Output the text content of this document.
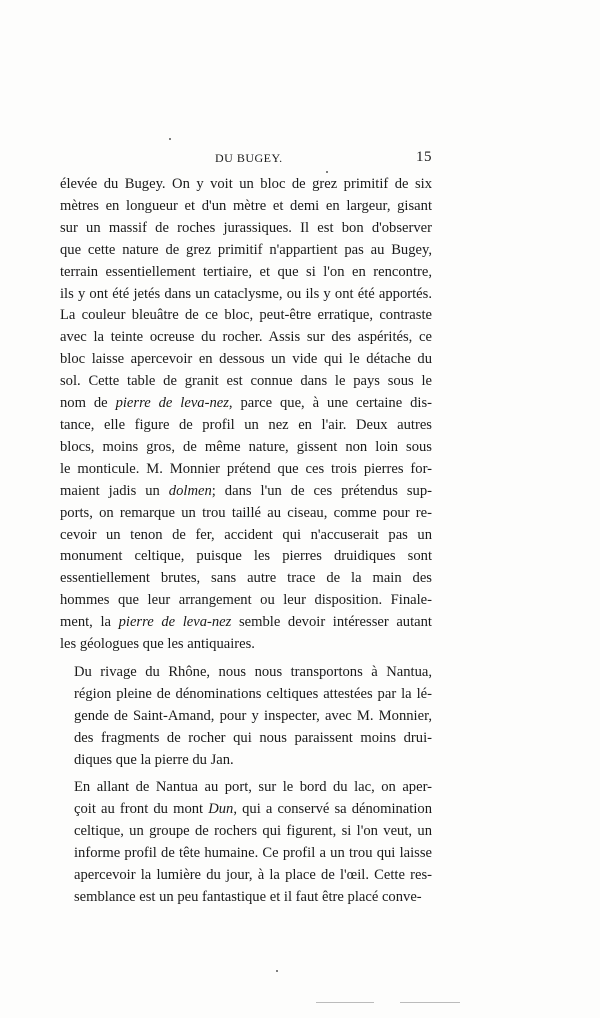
DU BUGEY.	15

élevée du Bugey. On y voit un bloc de grez primitif de six
mètres en longueur et d'un mètre et demi en largeur, gisant
sur un massif de roches jurassiques. Il est bon d'observer
que cette nature de grez primitif n'appartient pas au Bugey,
terrain essentiellement tertiaire, et que si l'on en rencontre,
ils y ont été jetés dans un cataclysme, ou ils y ont été apportés.
La couleur bleuâtre de ce bloc, peut-être erratique, contraste
avec la teinte ocreuse du rocher. Assis sur des aspérités, ce
bloc laisse apercevoir en dessous un vide qui le détache du
sol. Cette table de granit est connue dans le pays sous le
nom de pierre de leva-nez, parce que, à une certaine dis-
tance, elle figure de profil un nez en l'air. Deux autres
blocs, moins gros, de même nature, gissent non loin sous
le monticule. M. Monnier prétend que ces trois pierres for-
maient jadis un dolmen; dans l'un de ces prétendus sup-
ports, on remarque un trou taillé au ciseau, comme pour re-
cevoir un tenon de fer, accident qui n'accuserait pas un
monument celtique, puisque les pierres druidiques sont
essentiellement brutes, sans autre trace de la main des
hommes que leur arrangement ou leur disposition. Finale-
ment, la pierre de leva-nez semble devoir intéresser autant
les géologues que les antiquaires.

Du rivage du Rhône, nous nous transportons à Nantua,
région pleine de dénominations celtiques attestées par la lé-
gende de Saint-Amand, pour y inspecter, avec M. Monnier,
des fragments de rocher qui nous paraissent moins drui-
diques que la pierre du Jan.

En allant de Nantua au port, sur le bord du lac, on aper-
çoit au front du mont Dun, qui a conservé sa dénomination
celtique, un groupe de rochers qui figurent, si l'on veut, un
informe profil de tête humaine. Ce profil a un trou qui laisse
apercevoir la lumière du jour, à la place de l'œil. Cette res-
semblance est un peu fantastique et il faut être placé conve-
